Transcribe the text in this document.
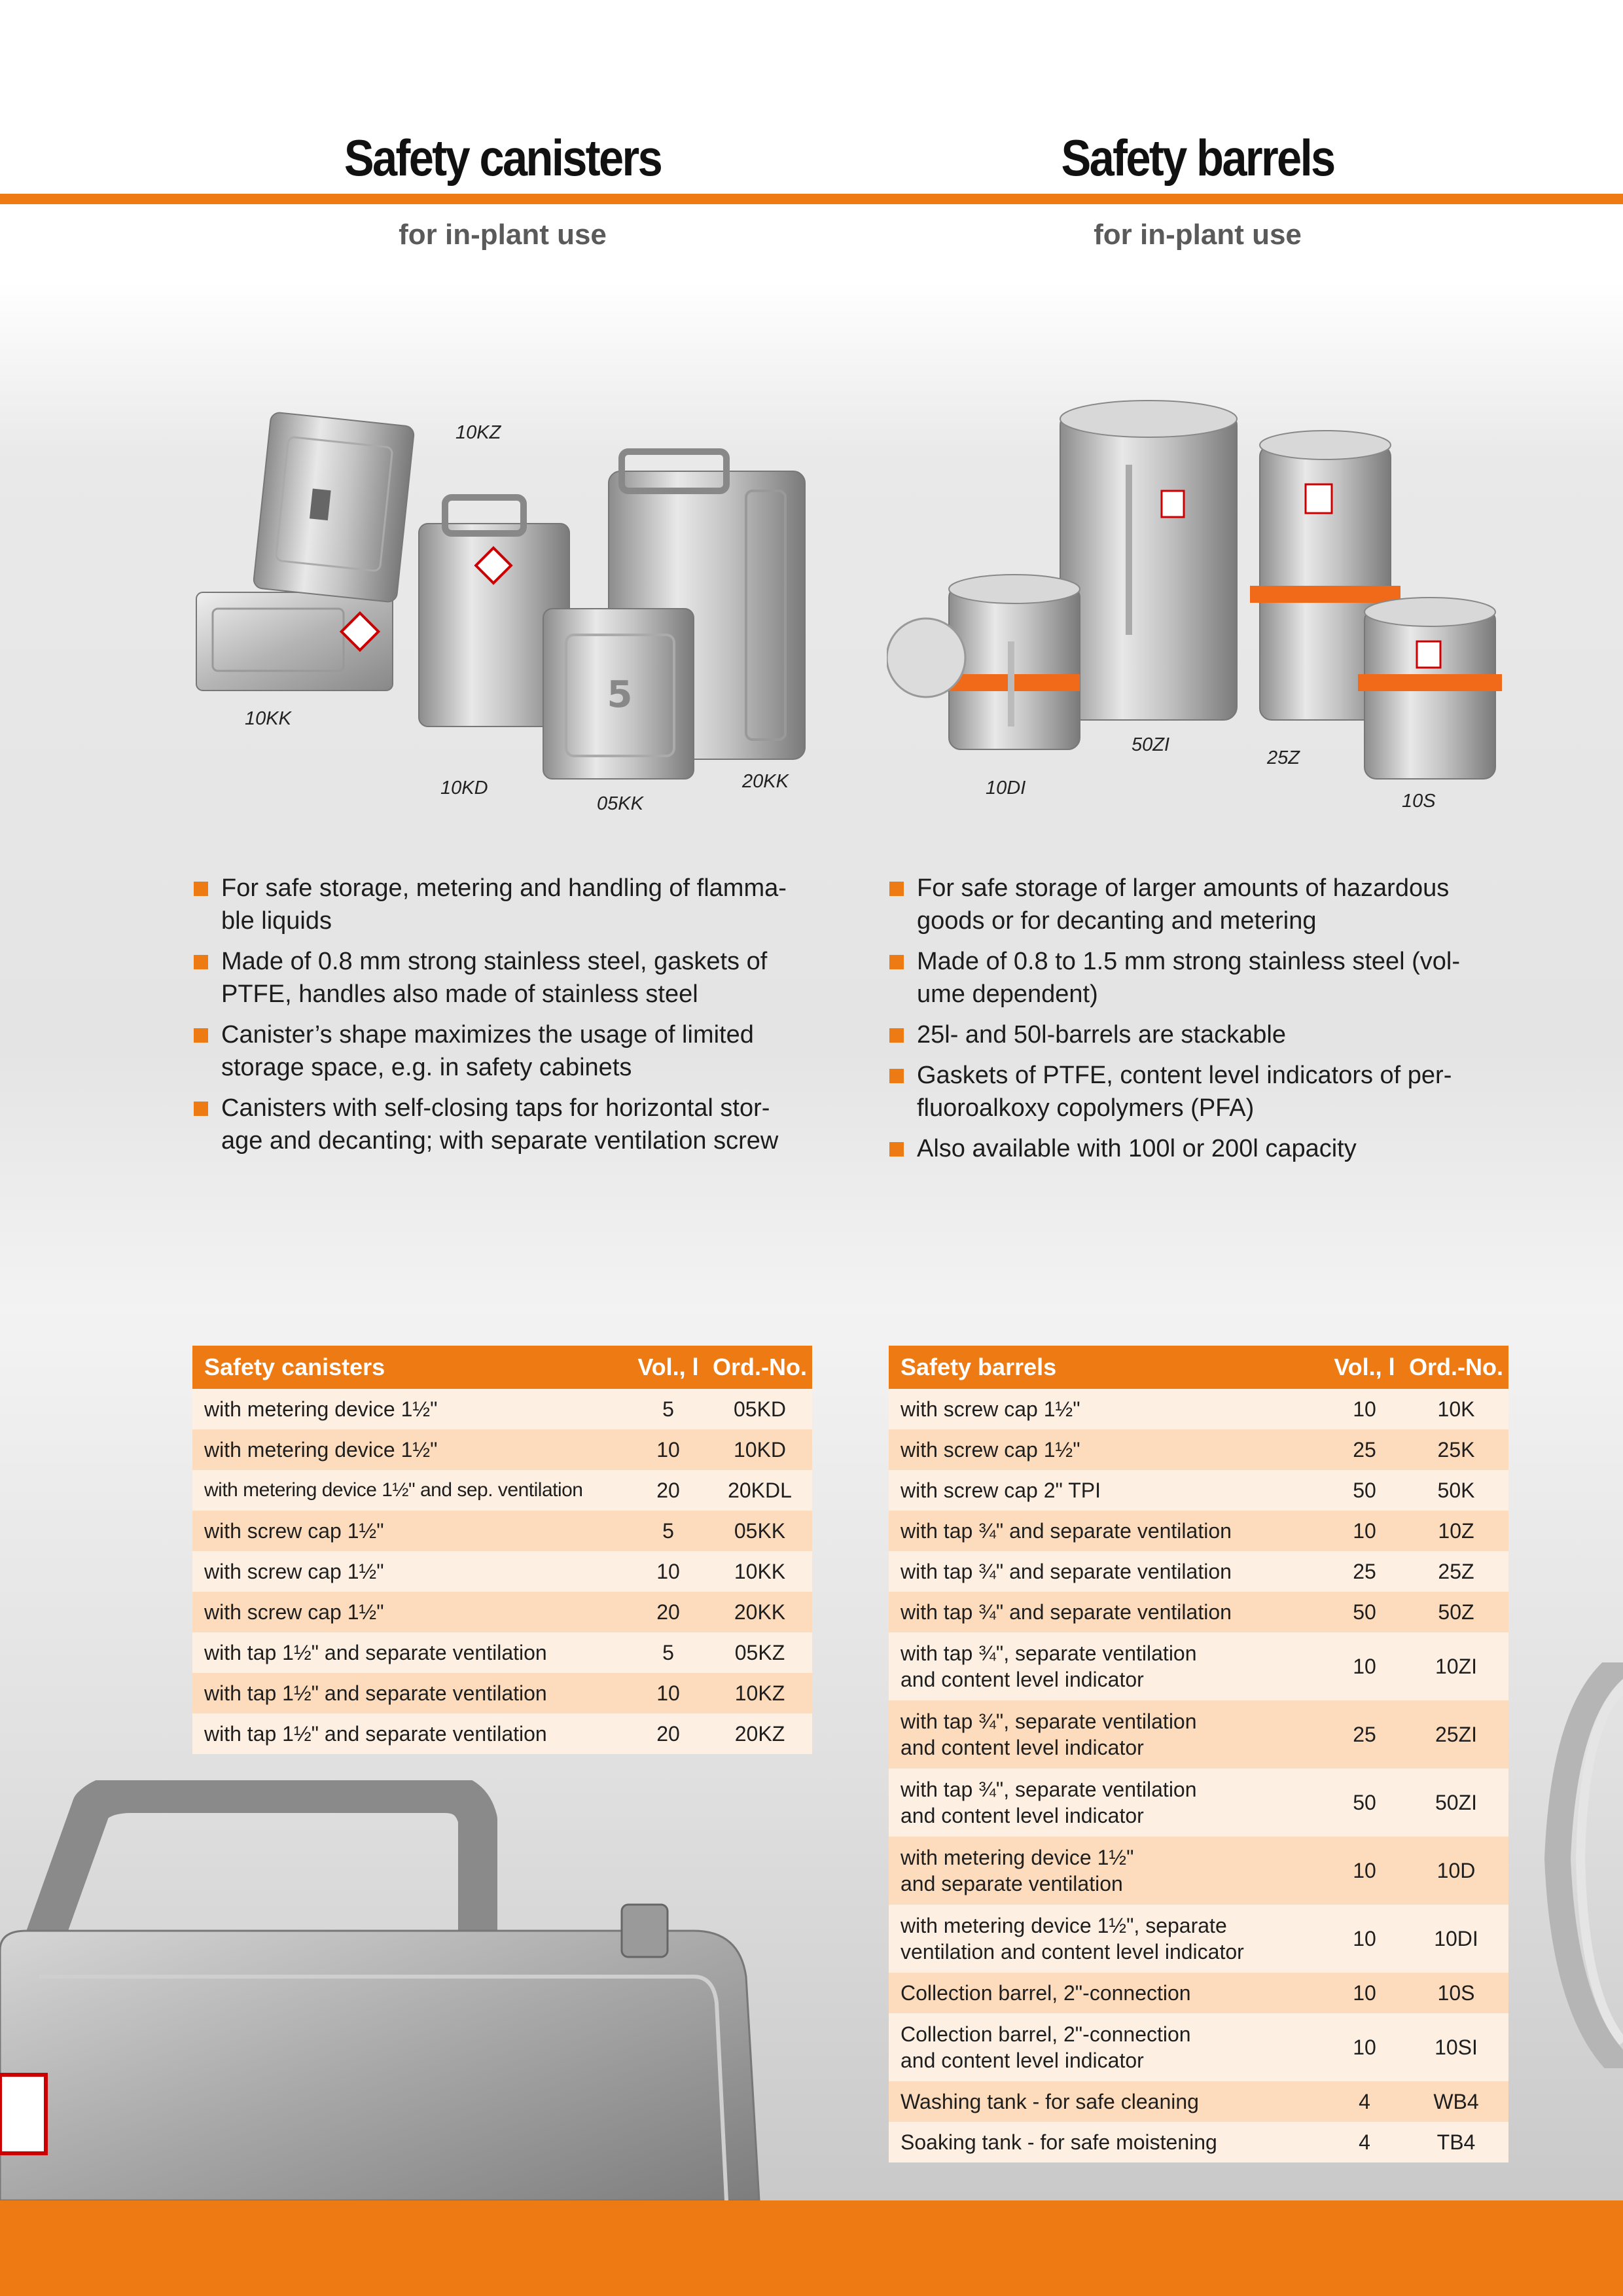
Safety canisters	Safety barrels
for in-plant use	for in-plant use
5
10KZ
10KK
10KD
05KK
20KK
50ZI
25Z
10DI
10S
For safe storage, metering and handling of flamma-
ble liquids
Made of 0.8 mm strong stainless steel, gaskets of
PTFE, handles also made of stainless steel
Canister’s shape maximizes the usage of limited
storage space, e.g. in safety cabinets
Canisters with self-closing taps for horizontal stor-
age and decanting; with separate ventilation screw
For safe storage of larger amounts of hazardous
goods or for decanting and metering
Made of 0.8 to 1.5 mm strong stainless steel (vol-
ume dependent)
25l- and 50l-barrels are stackable
Gaskets of PTFE, content level indicators of per-
fluoroalkoxy copolymers (PFA)
Also available with 100l or 200l capacity
Safety canisters	Vol., l	Ord.-No.
with metering device 1½"	5	05KD
with metering device 1½"	10	10KD
with metering device 1½" and sep. ventilation	20	20KDL
with screw cap 1½"	5	05KK
with screw cap 1½"	10	10KK
with screw cap 1½"	20	20KK
with tap 1½" and separate ventilation	5	05KZ
with tap 1½" and separate ventilation	10	10KZ
with tap 1½" and separate ventilation	20	20KZ
Safety barrels	Vol., l	Ord.-No.
with screw cap 1½"	10	10K
with screw cap 1½"	25	25K
with screw cap 2" TPI	50	50K
with tap ¾" and separate ventilation	10	10Z
with tap ¾" and separate ventilation	25	25Z
with tap ¾" and separate ventilation	50	50Z
with tap ¾", separate ventilation
and content level indicator	10	10ZI
with tap ¾", separate ventilation
and content level indicator	25	25ZI
with tap ¾", separate ventilation
and content level indicator	50	50ZI
with metering device 1½"
and separate ventilation	10	10D
with metering device 1½", separate
ventilation and content level indicator	10	10DI
Collection barrel, 2"-connection	10	10S
Collection barrel, 2"-connection
and content level indicator	10	10SI
Washing tank - for safe cleaning	4	WB4
Soaking tank - for safe moistening	4	TB4
